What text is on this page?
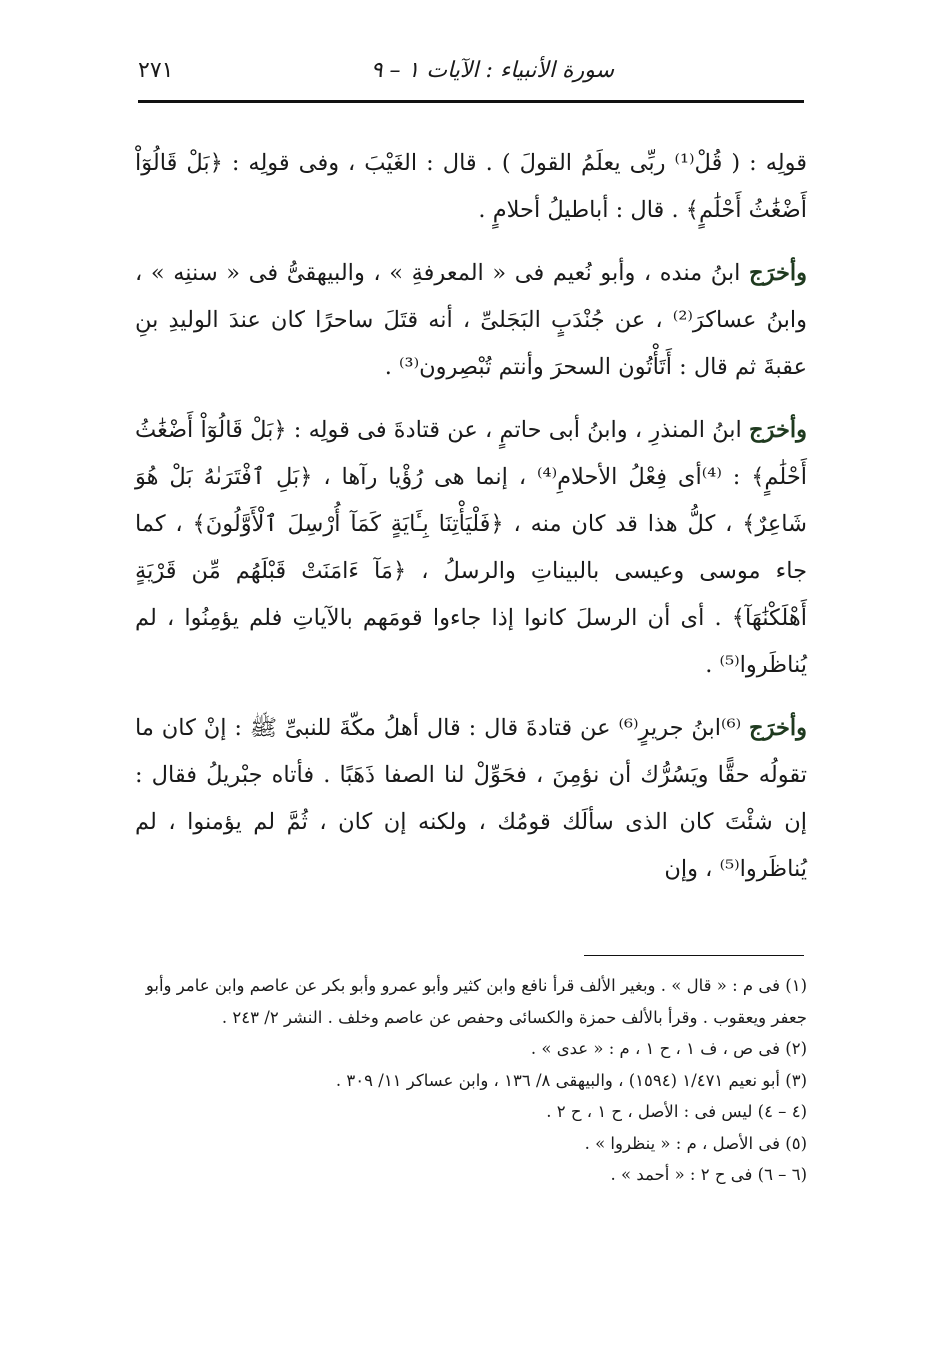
سورة الأنبياء : الآيات ١ – ٩
٢٧١

قولِه : ( قُلْ⁽¹⁾ ربِّى يعلَمُ القولَ ) . قال : الغَيْبَ ، وفى قولِه : ﴿بَلْ قَالُوٓاْ أَضْغَٰثُ أَحْلَٰمٍ﴾ . قال : أباطيلُ أحلامٍ .

وأخرَج ابنُ منده ، وأبو نُعيم فى « المعرفةِ » ، والبيهقىُّ فى « سننِه » ، وابنُ عساكرَ⁽²⁾ ، عن جُنْدَبٍ البَجَلىِّ ، أنه قتَلَ ساحرًا كان عندَ الوليدِ بنِ عقبةَ ثم قال : أَتَأْتُون السحرَ وأنتم تُبْصِرون⁽³⁾ .

وأخرَج ابنُ المنذرِ ، وابنُ أبى حاتمٍ ، عن قتادةَ فى قولِه : ﴿بَلْ قَالُوٓاْ أَضْغَٰثُ أَحْلَٰمٍ﴾ : ⁽⁴⁾أى فِعْلُ الأحلامِ⁽⁴⁾ ، إنما هى رُؤْيا رآها ، ﴿بَلِ ٱفْتَرَىٰهُ بَلْ هُوَ شَاعِرٌ﴾ ، كلُّ هذا قد كان منه ، ﴿فَلْيَأْتِنَا بِـَٔايَةٍ كَمَآ أُرْسِلَ ٱلْأَوَّلُونَ﴾ ، كما جاء موسى وعيسى بالبيناتِ والرسلُ ، ﴿مَآ ءَامَنَتْ قَبْلَهُم مِّن قَرْيَةٍ أَهْلَكْنَٰهَآ﴾ . أى أن الرسلَ كانوا إذا جاءوا قومَهم بالآياتِ فلم يؤمِنُوا ، لم يُناظَروا⁽⁵⁾ .

وأخرَج ⁽⁶⁾ابنُ جريرٍ⁽⁶⁾ عن قتادةَ قال : قال أهلُ مكّةَ للنبىِّ ﷺ : إنْ كان ما تقولُه حقًّا ويَسُرُّك أن نؤمِنَ ، فحَوِّلْ لنا الصفا ذَهَبًا . فأتاه جبْريلُ فقال : إن شئْتَ كان الذى سألَك قومُك ، ولكنه إن كان ، ثُمَّ لم يؤمنوا ، لم يُناظَروا⁽⁵⁾ ، وإن

(١) فى م : « قال » . وبغير الألف قرأ نافع وابن كثير وأبو عمرو وأبو بكر عن عاصم وابن عامر وأبو جعفر ويعقوب . وقرأ بالألف حمزة والكسائى وحفص عن عاصم وخلف . النشر ٢/ ٢٤٣ .

(٢) فى ص ، ف ١ ، ح ١ ، م : « عدى » .

(٣) أبو نعيم ١/٤٧١ (١٥٩٤) ، والبيهقى ٨/ ١٣٦ ، وابن عساكر ١١/ ٣٠٩ .

(٤ – ٤) ليس فى : الأصل ، ح ١ ، ح ٢ .

(٥) فى الأصل ، م : « ينظروا » .

(٦ – ٦) فى ح ٢ : « أحمد » .
